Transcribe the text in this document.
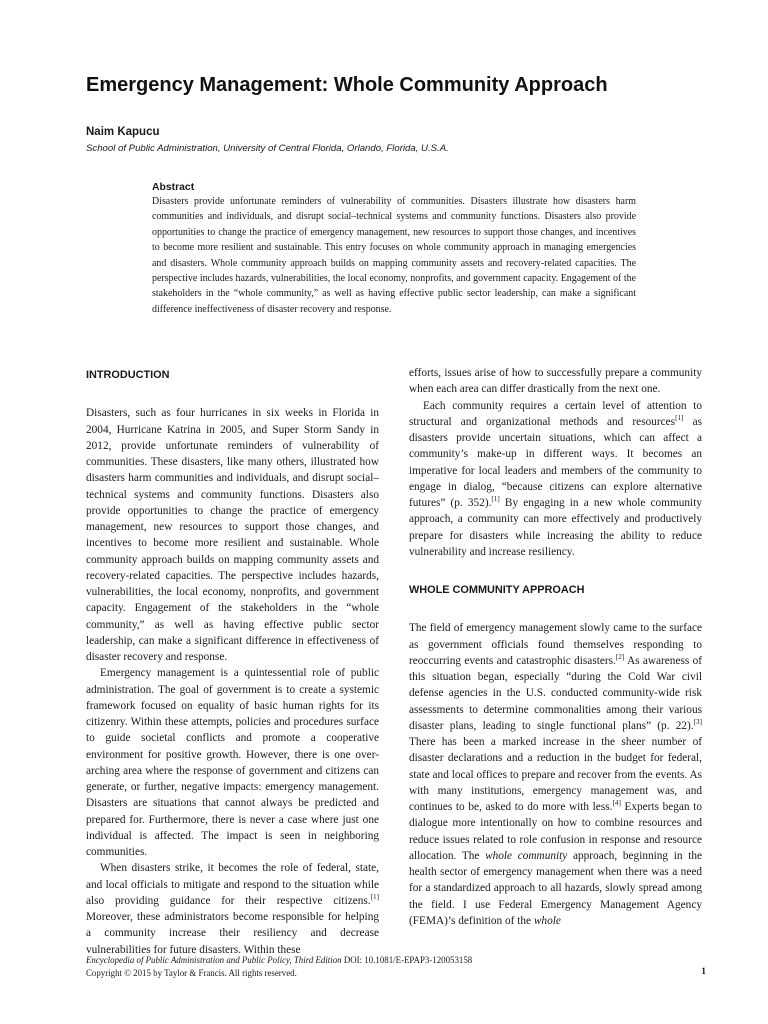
Emergency Management: Whole Community Approach
Naim Kapucu
School of Public Administration, University of Central Florida, Orlando, Florida, U.S.A.
Abstract
Disasters provide unfortunate reminders of vulnerability of communities. Disasters illustrate how disasters harm communities and individuals, and disrupt social–technical systems and community functions. Disasters also provide opportunities to change the practice of emergency management, new resources to support those changes, and incentives to become more resilient and sustainable. This entry focuses on whole community approach in managing emergencies and disasters. Whole community approach builds on mapping community assets and recovery-related capacities. The perspective includes hazards, vulnerabilities, the local economy, nonprofits, and government capacity. Engagement of the stakeholders in the “whole community,” as well as having effective public sector leadership, can make a significant difference ineffectiveness of disaster recovery and response.
INTRODUCTION

Disasters, such as four hurricanes in six weeks in Florida in 2004, Hurricane Katrina in 2005, and Super Storm Sandy in 2012, provide unfortunate reminders of vulnerability of communities. These disasters, like many others, illustrated how disasters harm communities and individuals, and disrupt social–technical systems and community functions. Disasters also provide opportunities to change the practice of emergency management, new resources to support those changes, and incentives to become more resilient and sustainable. Whole community approach builds on mapping community assets and recovery-related capacities. The perspective includes hazards, vulnerabilities, the local economy, nonprofits, and government capacity. Engagement of the stakeholders in the “whole community,” as well as having effective public sector leadership, can make a significant difference in effectiveness of disaster recovery and response.

Emergency management is a quintessential role of public administration. The goal of government is to create a systemic framework focused on equality of basic human rights for its citizenry. Within these attempts, policies and procedures surface to guide societal conflicts and promote a cooperative environment for positive growth. However, there is one over-arching area where the response of government and citizens can generate, or further, negative impacts: emergency management. Disasters are situations that cannot always be predicted and prepared for. Furthermore, there is never a case where just one individual is affected. The impact is seen in neighboring communities.

When disasters strike, it becomes the role of federal, state, and local officials to mitigate and respond to the situation while also providing guidance for their respective citizens.[1] Moreover, these administrators become responsible for helping a community increase their resiliency and decrease vulnerabilities for future disasters. Within these

efforts, issues arise of how to successfully prepare a community when each area can differ drastically from the next one.

Each community requires a certain level of attention to structural and organizational methods and resources[1] as disasters provide uncertain situations, which can affect a community’s make-up in different ways. It becomes an imperative for local leaders and members of the community to engage in dialog, “because citizens can explore alternative futures” (p. 352).[1] By engaging in a new whole community approach, a community can more effectively and productively prepare for disasters while increasing the ability to reduce vulnerability and increase resiliency.

WHOLE COMMUNITY APPROACH

The field of emergency management slowly came to the surface as government officials found themselves responding to reoccurring events and catastrophic disasters.[2] As awareness of this situation began, especially “during the Cold War civil defense agencies in the U.S. conducted community-wide risk assessments to determine commonalities among their various disaster plans, leading to single functional plans” (p. 22).[3] There has been a marked increase in the sheer number of disaster declarations and a reduction in the budget for federal, state and local offices to prepare and recover from the events. As with many institutions, emergency management was, and continues to be, asked to do more with less.[4] Experts began to dialogue more intentionally on how to combine resources and reduce issues related to role confusion in response and resource allocation. The whole community approach, beginning in the health sector of emergency management when there was a need for a standardized approach to all hazards, slowly spread among the field. I use Federal Emergency Management Agency (FEMA)’s definition of the whole

Encyclopedia of Public Administration and Public Policy, Third Edition DOI: 10.1081/E-EPAP3-120053158
Copyright © 2015 by Taylor & Francis. All rights reserved.	1
